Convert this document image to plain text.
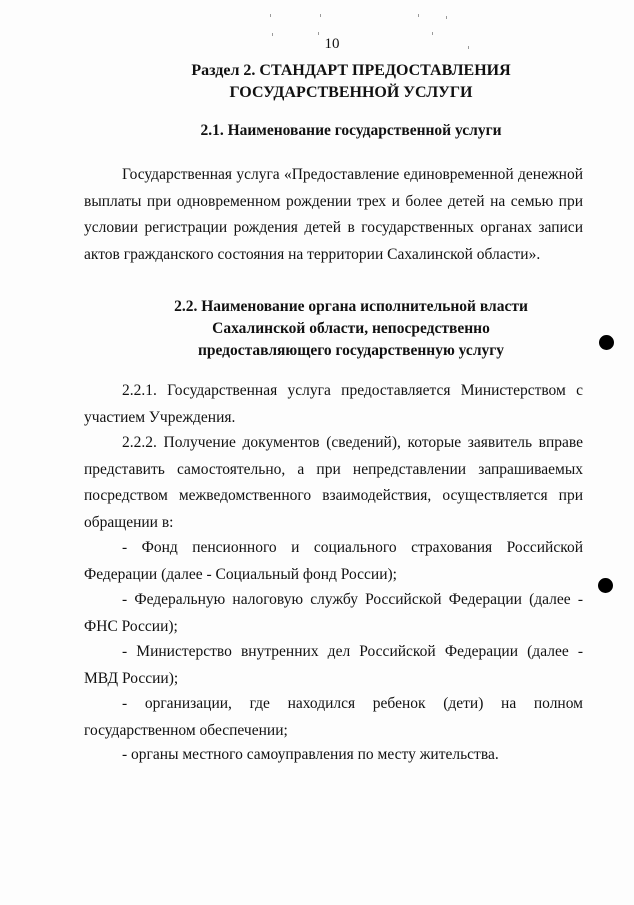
10
Раздел 2. СТАНДАРТ ПРЕДОСТАВЛЕНИЯ
ГОСУДАРСТВЕННОЙ УСЛУГИ
2.1. Наименование государственной услуги
Государственная услуга «Предоставление единовременной денежной выплаты при одновременном рождении трех и более детей на семью при условии регистрации рождения детей в государственных органах записи актов гражданского состояния на территории Сахалинской области».
2.2. Наименование органа исполнительной власти
Сахалинской области, непосредственно
предоставляющего государственную услугу
2.2.1. Государственная услуга предоставляется Министерством с участием Учреждения.
2.2.2. Получение документов (сведений), которые заявитель вправе представить самостоятельно, а при непредставлении запрашиваемых посредством межведомственного взаимодействия, осуществляется при обращении в:
- Фонд пенсионного и социального страхования Российской Федерации (далее - Социальный фонд России);
- Федеральную налоговую службу Российской Федерации (далее - ФНС России);
- Министерство внутренних дел Российской Федерации (далее - МВД России);
- организации, где находился ребенок (дети) на полном государственном обеспечении;
- органы местного самоуправления по месту жительства.
